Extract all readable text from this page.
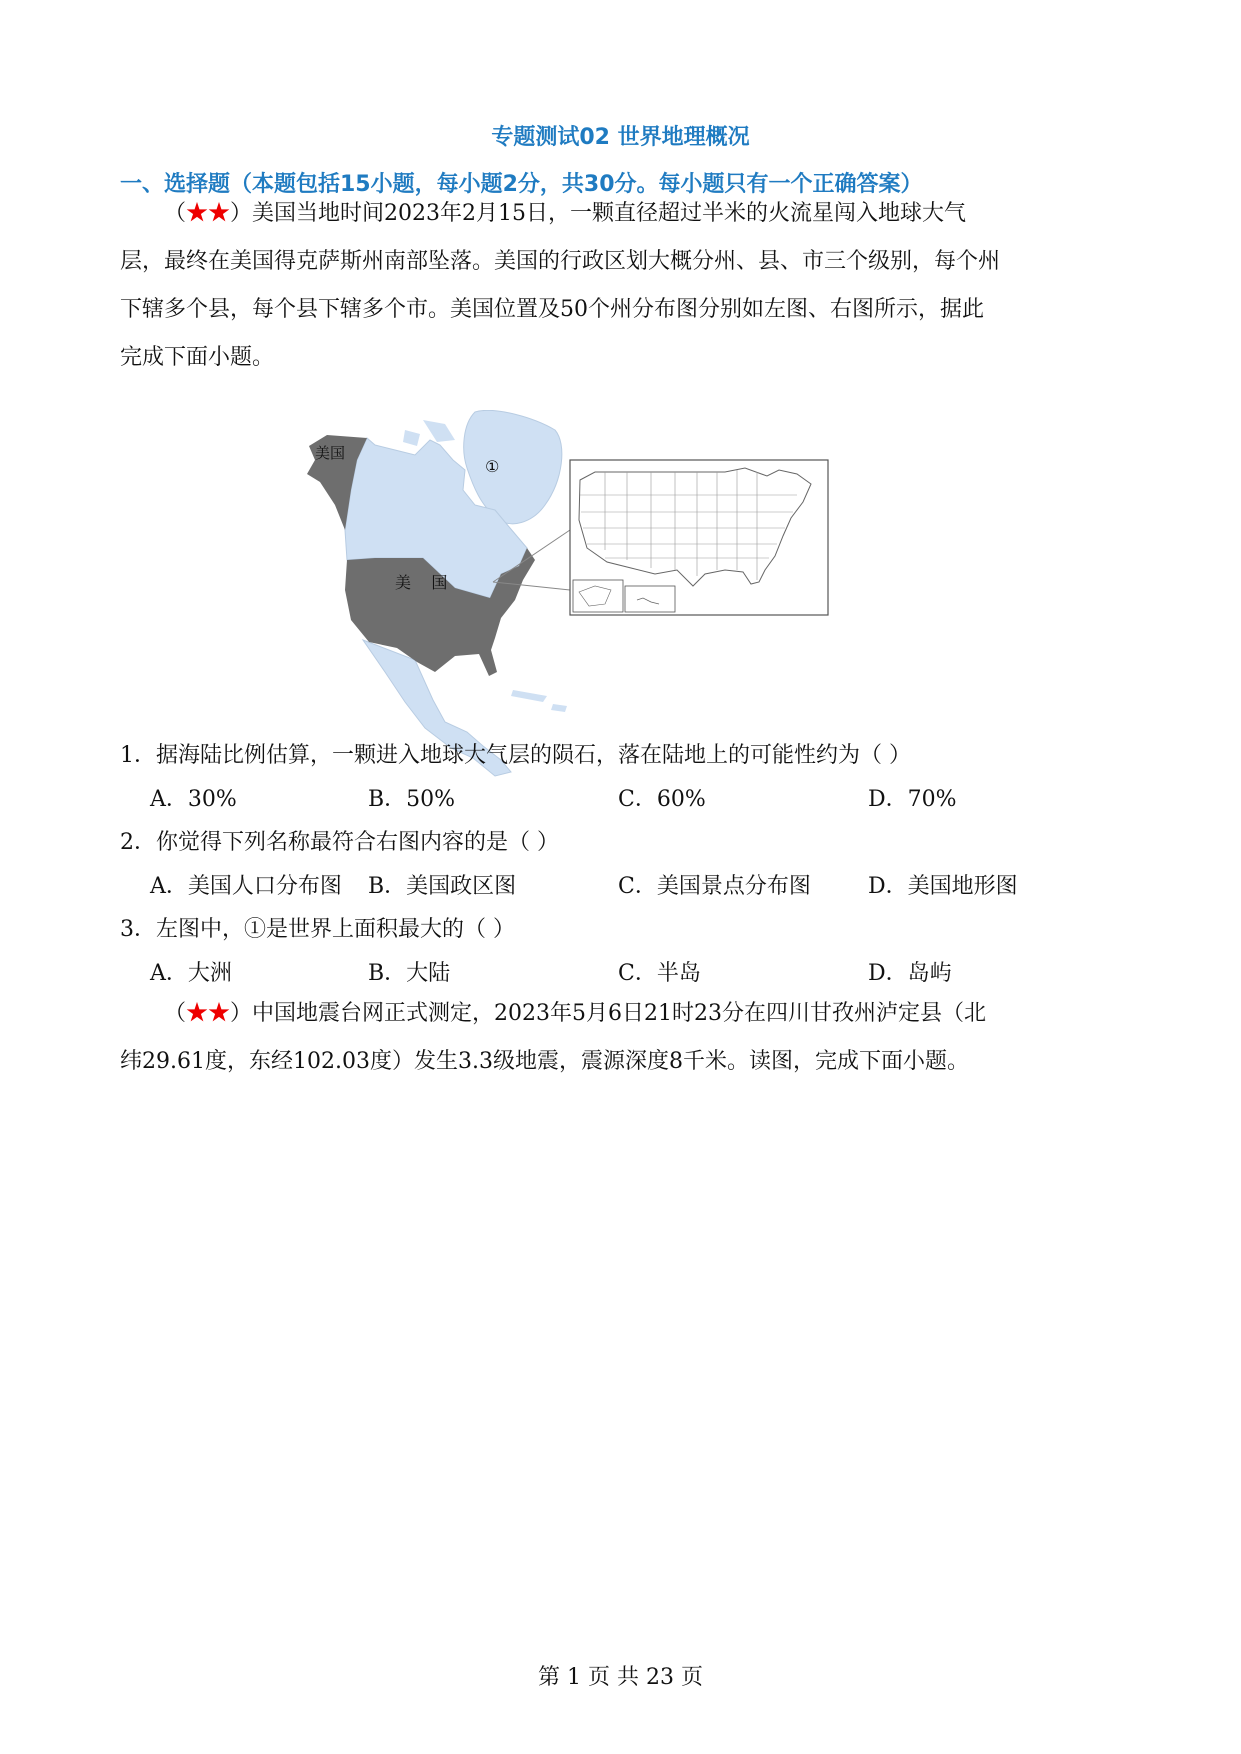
专题测试02 世界地理概况
一、选择题（本题包括15小题，每小题2分，共30分。每小题只有一个正确答案）
（★★）美国当地时间2023年2月15日，一颗直径超过半米的火流星闯入地球大气
层，最终在美国得克萨斯州南部坠落。美国的行政区划大概分州、县、市三个级别，每个州
下辖多个县，每个县下辖多个市。美国位置及50个州分布图分别如左图、右图所示，据此
完成下面小题。
美国
美    国
①
1．据海陆比例估算，一颗进入地球大气层的陨石，落在陆地上的可能性约为（ ）
A．30%	B．50%	C．60%	D．70%
2．你觉得下列名称最符合右图内容的是（ ）
A．美国人口分布图 B．美国政区图	C．美国景点分布图	D．美国地形图
3．左图中，①是世界上面积最大的（ ）
A．大洲	B．大陆	C．半岛	D．岛屿
（★★）中国地震台网正式测定，2023年5月6日21时23分在四川甘孜州泸定县（北
纬29.61度，东经102.03度）发生3.3级地震，震源深度8千米。读图，完成下面小题。
第 1 页 共 23 页
